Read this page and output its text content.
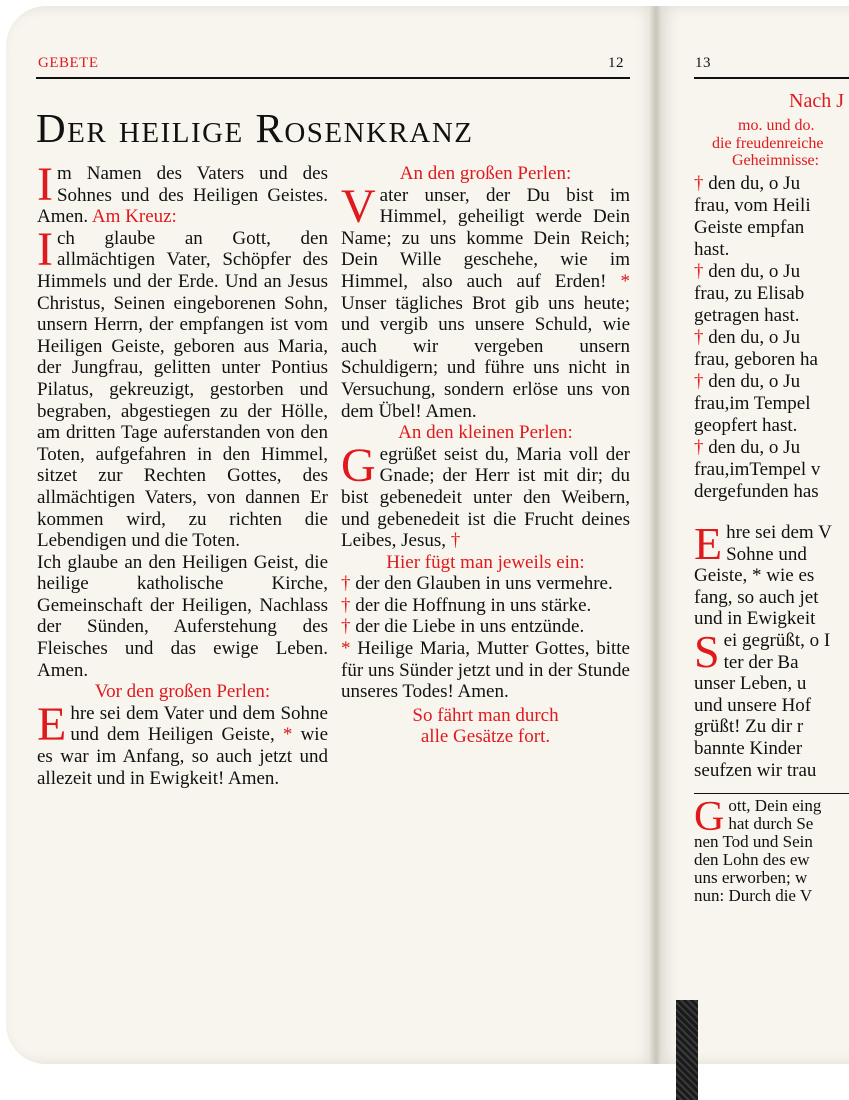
GEBETE	12
Der heilige Rosenkranz

Im Namen des Vaters und des Sohnes und des Heiligen Geistes. Amen. Am Kreuz:

Ich glaube an Gott, den allmächtigen Vater, Schöpfer des Himmels und der Erde. Und an Jesus Christus, Seinen eingeborenen Sohn, unsern Herrn, der empfangen ist vom Heiligen Geiste, geboren aus Maria, der Jungfrau, gelitten unter Pontius Pilatus, gekreuzigt, gestorben und begraben, abgestiegen zu der Hölle, am dritten Tage auferstanden von den Toten, aufgefahren in den Himmel, sitzet zur Rechten Gottes, des allmächtigen Vaters, von dannen Er kommen wird, zu richten die Lebendigen und die Toten.

Ich glaube an den Heiligen Geist, die heilige katholische Kirche, Gemeinschaft der Heiligen, Nachlass der Sünden, Auferstehung des Fleisches und das ewige Leben. Amen.

Vor den großen Perlen:

Ehre sei dem Vater und dem Sohne und dem Heiligen Geiste, * wie es war im Anfang, so auch jetzt und allezeit und in Ewigkeit! Amen.

An den großen Perlen:

Vater unser, der Du bist im Himmel, geheiligt werde Dein Name; zu uns komme Dein Reich; Dein Wille geschehe, wie im Himmel, also auch auf Erden! * Unser tägliches Brot gib uns heute; und vergib uns unsere Schuld, wie auch wir vergeben unsern Schuldigern; und führe uns nicht in Versuchung, sondern erlöse uns von dem Übel! Amen.

An den kleinen Perlen:

Gegrüßet seist du, Maria voll der Gnade; der Herr ist mit dir; du bist gebenedeit unter den Weibern, und gebenedeit ist die Frucht deines Leibes, Jesus, †

Hier fügt man jeweils ein:

† der den Glauben in uns vermehre.

† der die Hoffnung in uns stärke.

† der die Liebe in uns entzünde.

* Heilige Maria, Mutter Gottes, bitte für uns Sünder jetzt und in der Stunde unseres Todes! Amen.

So fährt man durch

alle Gesätze fort.

13
Nach J
mo. und do.
die freudenreiche
Geheimnisse:
† den du, o Ju
frau, vom Heili
Geiste empfan
hast.
† den du, o Ju
frau, zu Elisab
getragen hast.
† den du, o Ju
frau, geboren ha
† den du, o Ju
frau,im Tempel
geopfert hast.
† den du, o Ju
frau,imTempel v
dergefunden has
E hre sei dem V
Sohne und
Geiste, * wie es
fang, so auch jet
und in Ewigkeit
S ei gegrüßt, o I
ter der Ba
unser Leben, u
und unsere Hof
grüßt! Zu dir r
bannte Kinder
seufzen wir trau
G ott, Dein eing
hat durch Se
nen Tod und Sein
den Lohn des ew
uns erworben; w
nun: Durch die V
